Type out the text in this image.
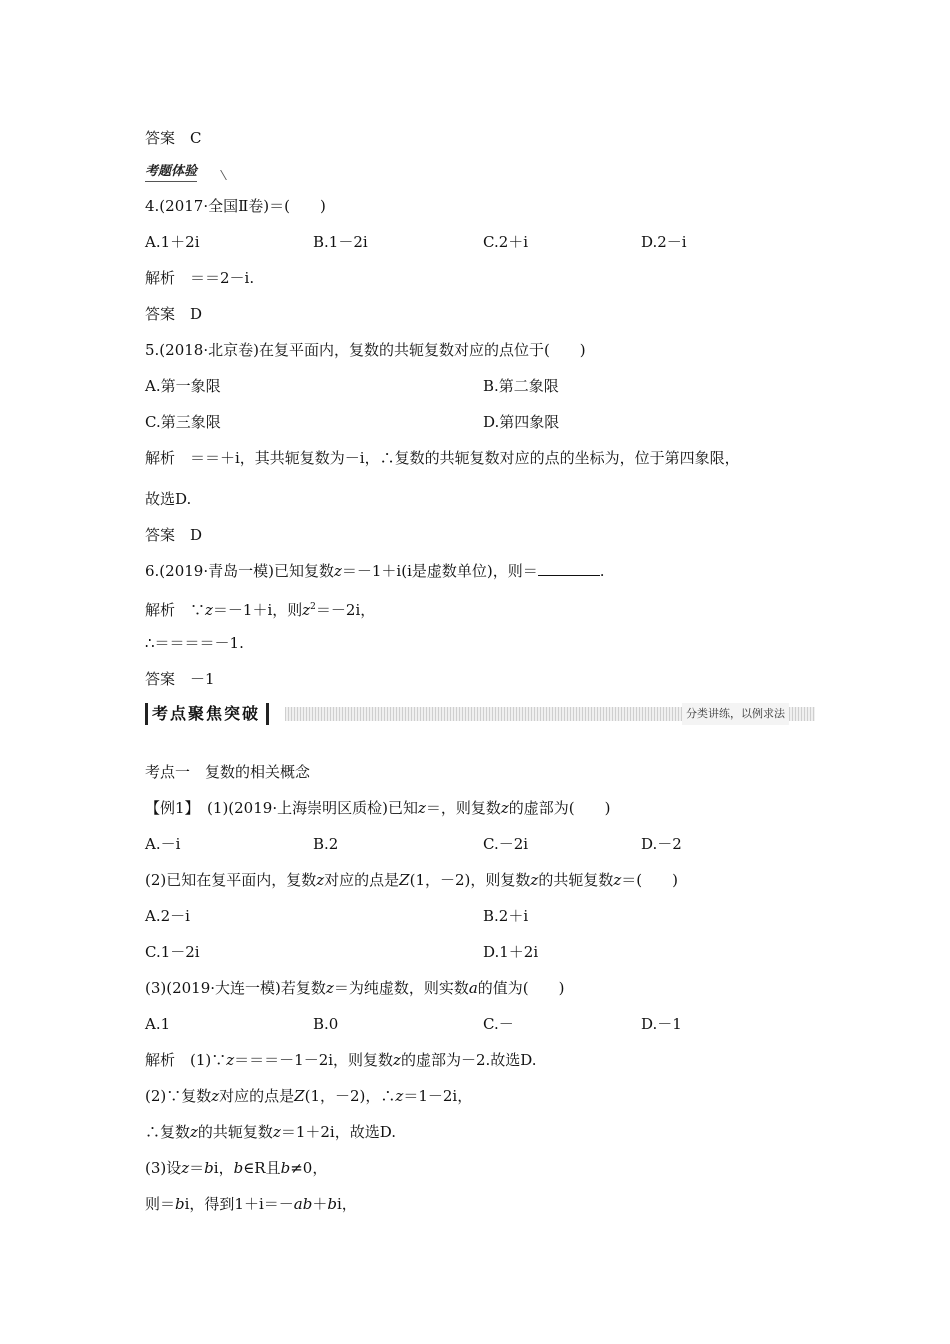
答案　C
考题体验
4.(2017·全国Ⅱ卷)＝(　　)
A.1＋2i	B.1－2i	C.2＋i	D.2－i
解析　＝＝2－i.
答案　D
5.(2018·北京卷)在复平面内，复数的共轭复数对应的点位于(　　)
A.第一象限	B.第二象限
C.第三象限	D.第四象限
解析　＝＝＋i，其共轭复数为－i，∴复数的共轭复数对应的点的坐标为，位于第四象限，
故选D.
答案　D
6.(2019·青岛一模)已知复数z＝－1＋i(i是虚数单位)，则＝	.
解析　∵z＝－1＋i，则$z^2=-2i$，
∴＝＝＝＝－1.
答案　－1
考点聚焦突破	分类讲练，以例求法
考点一　复数的相关概念
【例1】　(1)(2019·上海崇明区质检)已知z＝，则复数z的虚部为(　　)
A.－i	B.2	C.－2i	D.－2
(2)已知在复平面内，复数z对应的点是Z(1，－2)，则复数z的共轭复数z＝(　　)
A.2－i	B.2＋i
C.1－2i	D.1＋2i
(3)(2019·大连一模)若复数z＝为纯虚数，则实数a的值为(　　)
A.1	B.0	C.－	D.－1
解析　(1)∵z＝＝＝－1－2i，则复数z的虚部为－2.故选D.
(2)∵复数z对应的点是Z(1，－2)，∴z＝1－2i，
∴复数z的共轭复数z＝1＋2i，故选D.
(3)设z＝bi，b∈R且b≠0，
则＝bi，得到1＋i＝－ab＋bi，
